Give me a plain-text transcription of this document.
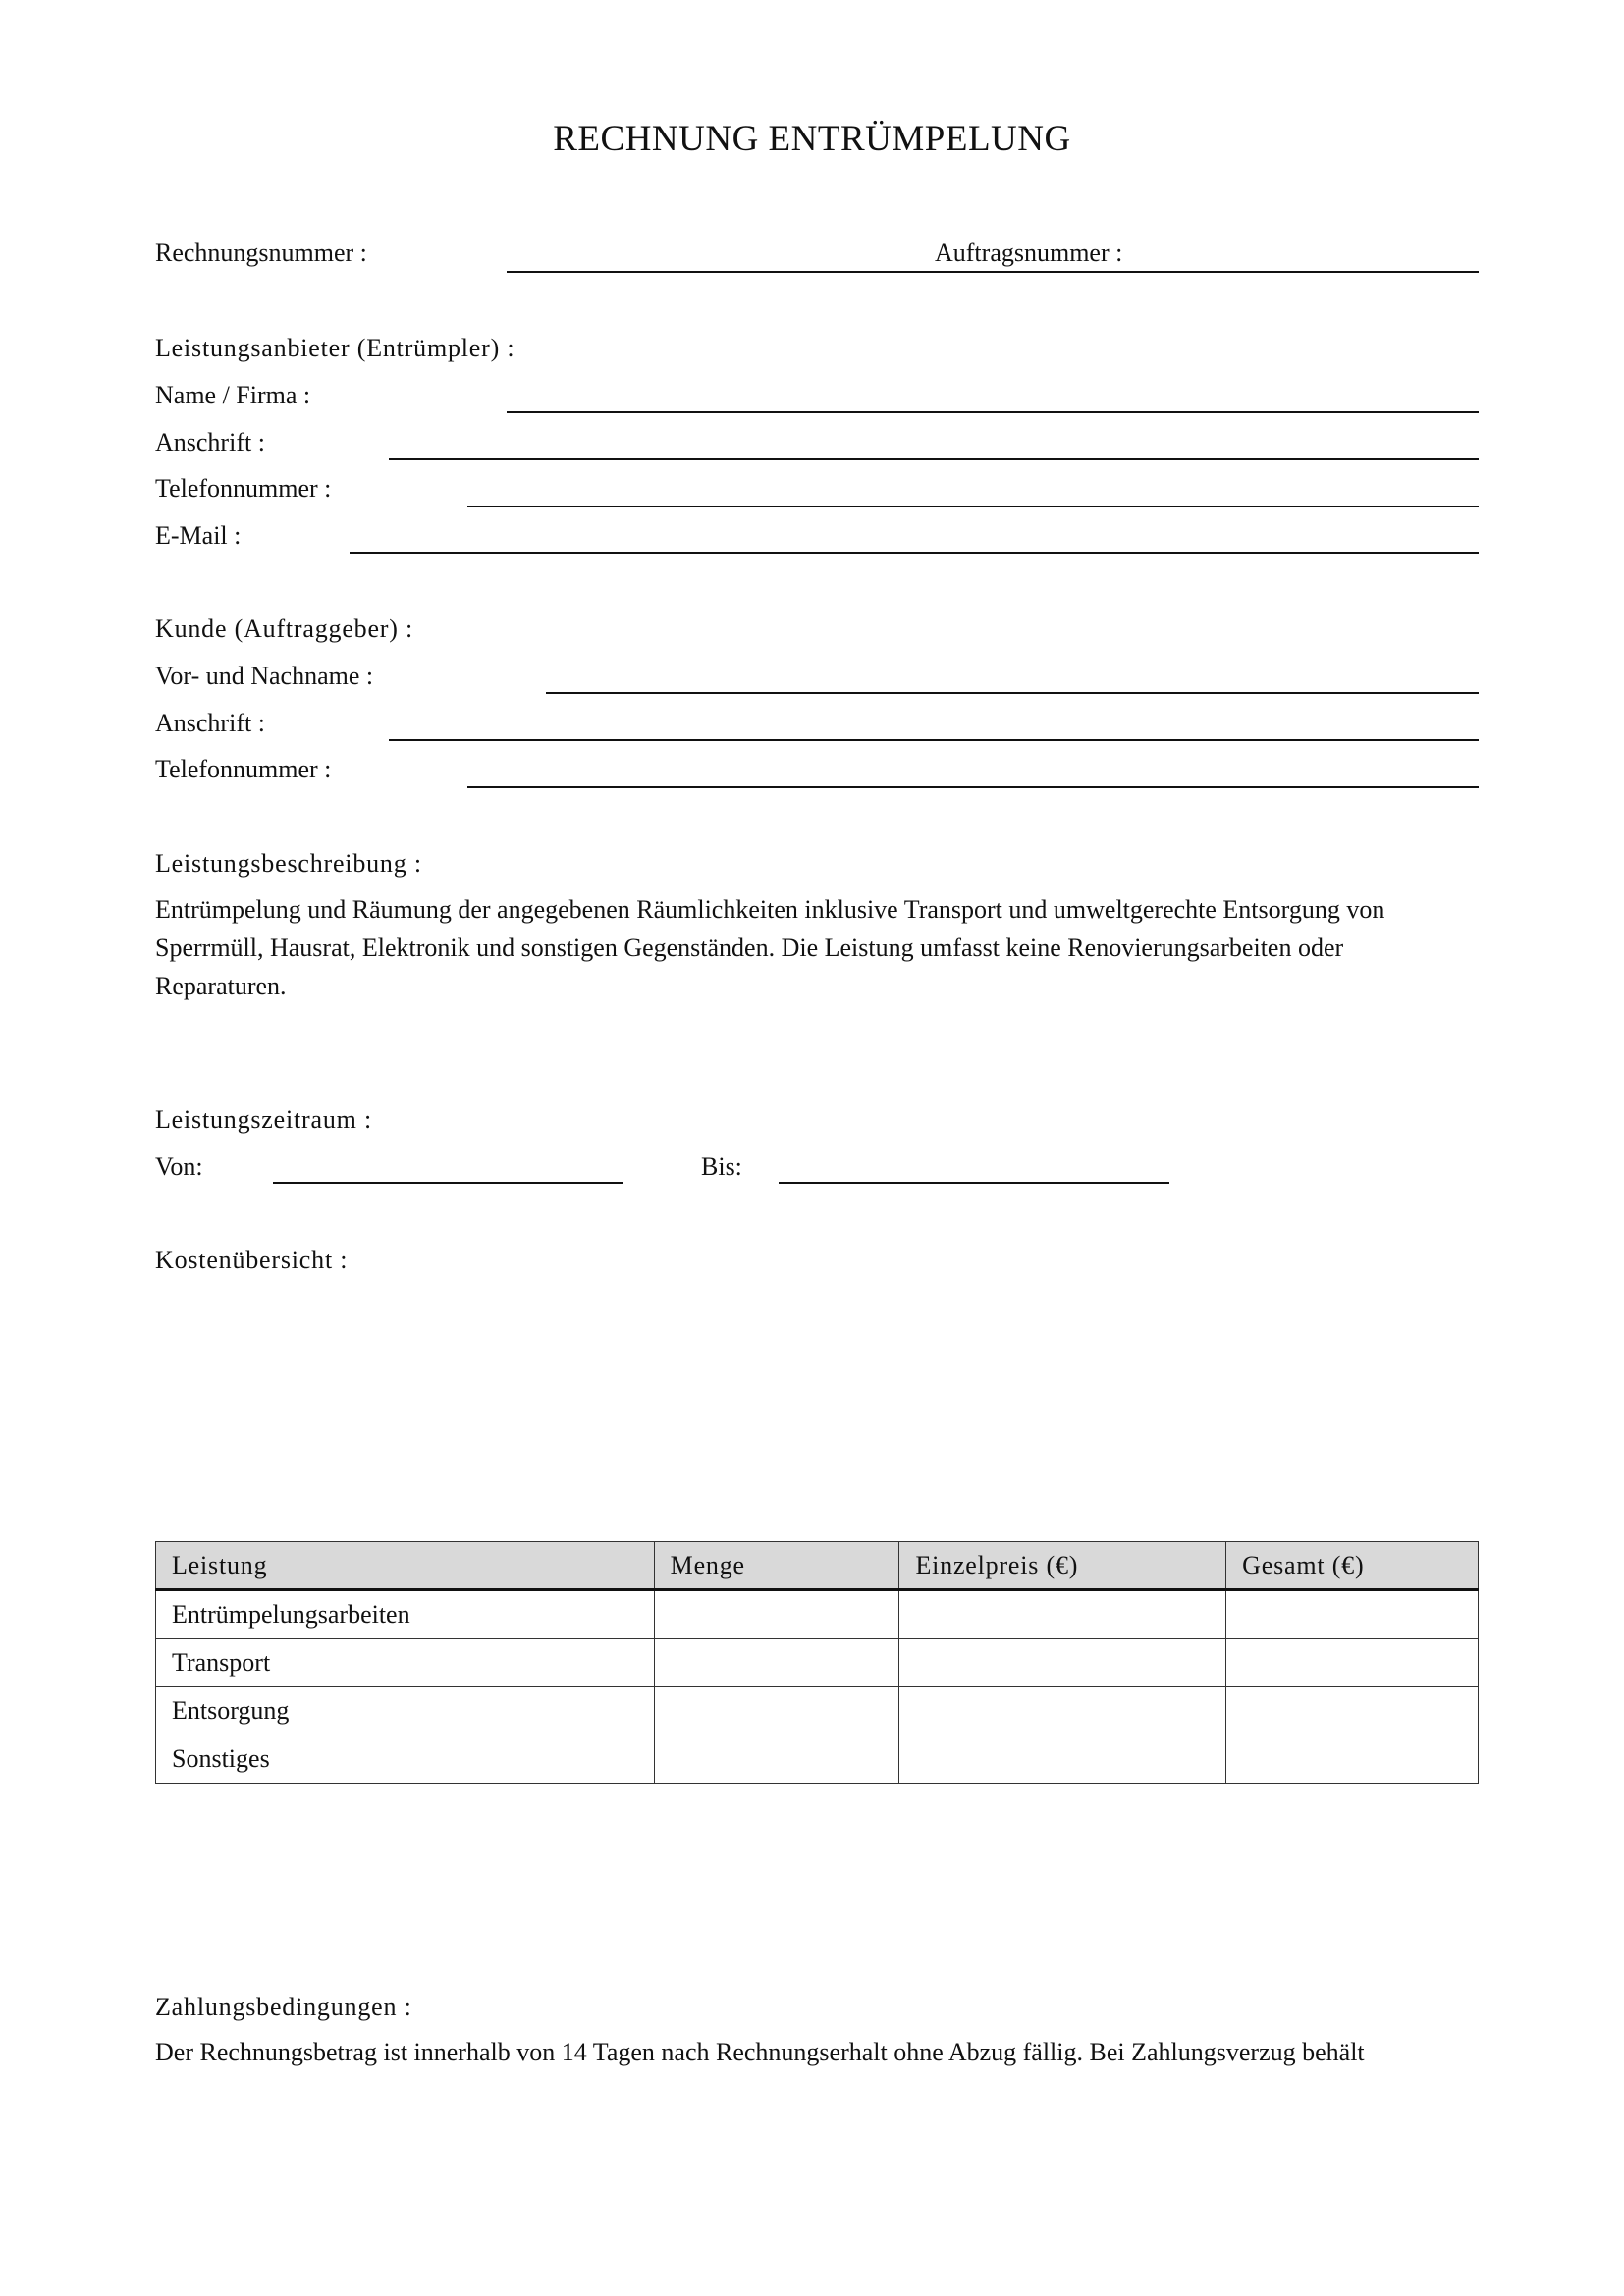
RECHNUNG ENTRÜMPELUNG
Rechnungsnummer :	Auftragsnummer :
Leistungsanbieter (Entrümpler) :
Name / Firma :
Anschrift :
Telefonnummer :
E-Mail :
Kunde (Auftraggeber) :
Vor- und Nachname :
Anschrift :
Telefonnummer :
Leistungsbeschreibung :
Entrümpelung und Räumung der angegebenen Räumlichkeiten inklusive Transport und umweltgerechte Entsorgung von Sperrmüll, Hausrat, Elektronik und sonstigen Gegenständen. Die Leistung umfasst keine Renovierungsarbeiten oder Reparaturen.
Leistungszeitraum :
Von:	Bis:
Kostenübersicht :
Leistung	Menge	Einzelpreis (€)	Gesamt (€)
Entrümpelungsarbeiten			
Transport			
Entsorgung			
Sonstiges			
Zahlungsbedingungen :
Der Rechnungsbetrag ist innerhalb von 14 Tagen nach Rechnungserhalt ohne Abzug fällig. Bei Zahlungsverzug behält
